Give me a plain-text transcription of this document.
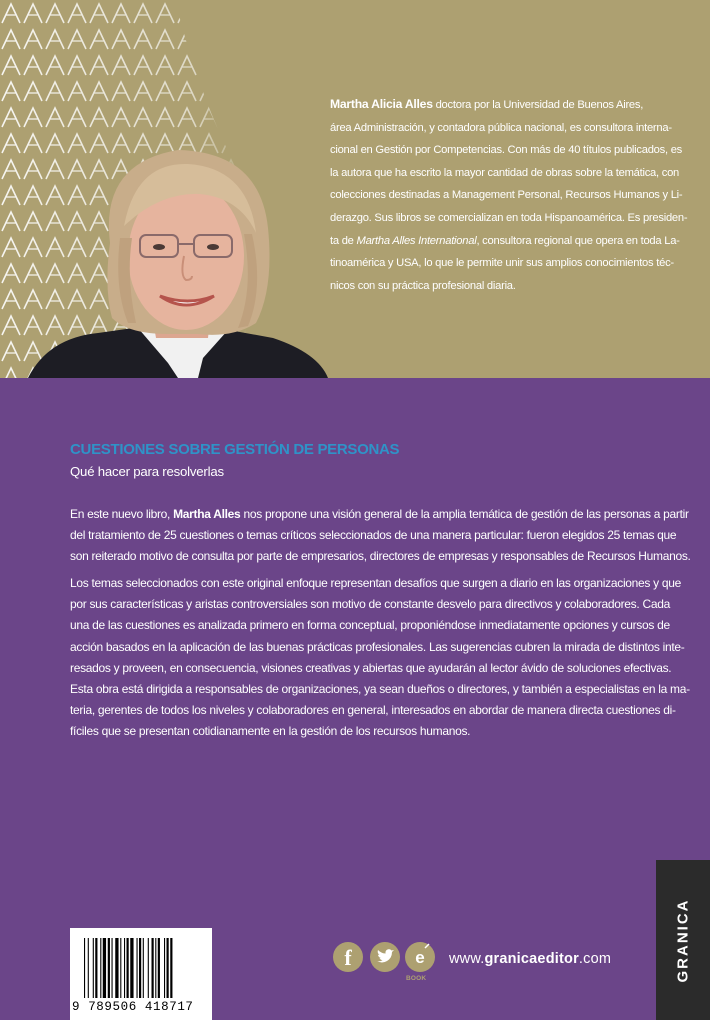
Martha Alicia Alles doctora por la Universidad de Buenos Aires,
área Administración, y contadora pública nacional, es consultora interna-
cional en Gestión por Competencias. Con más de 40 títulos publicados, es
la autora que ha escrito la mayor cantidad de obras sobre la temática, con
colecciones destinadas a Management Personal, Recursos Humanos y Li-
derazgo. Sus libros se comercializan en toda Hispanoamérica. Es presiden-
ta de Martha Alles International, consultora regional que opera en toda La-
tinoamérica y USA, lo que le permite unir sus amplios conocimientos téc-
nicos con su práctica profesional diaria.
CUESTIONES SOBRE GESTIÓN DE PERSONAS
Qué hacer para resolverlas
En este nuevo libro, Martha Alles nos propone una visión general de la amplia temática de gestión de las personas a partir
del tratamiento de 25 cuestiones o temas críticos seleccionados de una manera particular: fueron elegidos 25 temas que
son reiterado motivo de consulta por parte de empresarios, directores de empresas y responsables de Recursos Humanos.
Los temas seleccionados con este original enfoque representan desafíos que surgen a diario en las organizaciones y que
por sus características y aristas controversiales son motivo de constante desvelo para directivos y colaboradores. Cada
una de las cuestiones es analizada primero en forma conceptual, proponiéndose inmediatamente opciones y cursos de
acción basados en la aplicación de las buenas prácticas profesionales. Las sugerencias cubren la mirada de distintos inte-
resados y proveen, en consecuencia, visiones creativas y abiertas que ayudarán al lector ávido de soluciones efectivas.
Esta obra está dirigida a responsables de organizaciones, ya sean dueños o directores, y también a especialistas en la ma-
teria, gerentes de todos los niveles y colaboradores en general, interesados en abordar de manera directa cuestiones di-
fíciles que se presentan cotidianamente en la gestión de los recursos humanos.
9 789506 418717
f	e
BOOK
www.granicaeditor.com	GRANICA
